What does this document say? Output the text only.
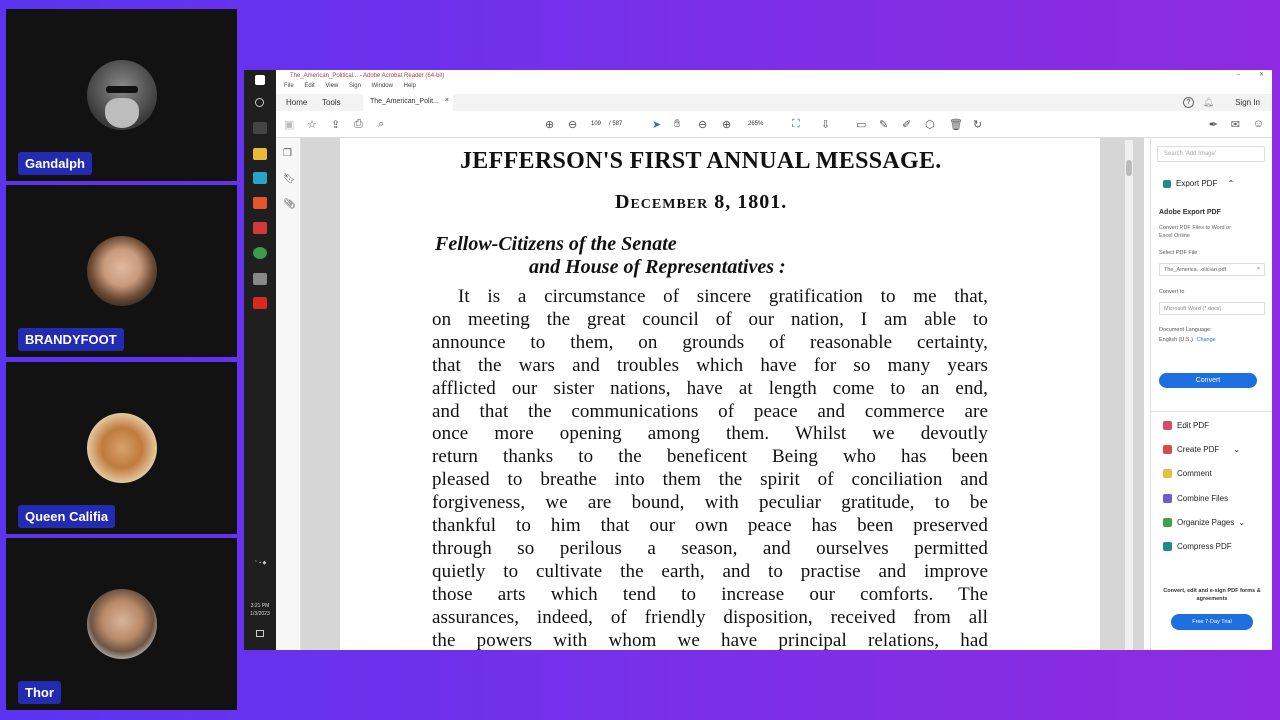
Gandalph
BRANDYFOOT
Queen Califia
Thor
⌃ ▪ ◆
3:21 PM
1/3/2023
The_American_Political... - Adobe Acrobat Reader (64-bit)	–	✕
File Edit View Sign Window Help
Home Tools	The_American_Polit... ×	?	🔔︎	Sign In
▣ ☆ ⇪ ⎙ ⌕	⊕ ⊖ 109 / 587	➤ ✋︎ ⊖ ⊕	265%	⛶ ⇩ ▭ ✎ ✐ ⬡ 🗑︎ ↻	✒ ✉ ☺
❐
🔖︎
📎︎
JEFFERSON'S FIRST ANNUAL MESSAGE.
December 8, 1801.
Fellow-Citizens of the Senate
and House of Representatives :
It is a circumstance of sincere gratification to me that,
on meeting the great council of our nation, I am able to
announce to them, on grounds of reasonable certainty,
that the wars and troubles which have for so many years
afflicted our sister nations, have at length come to an end,
and that the communications of peace and commerce are
once more opening among them. Whilst we devoutly
return thanks to the beneficent Being who has been
pleased to breathe into them the spirit of conciliation and
forgiveness, we are bound, with peculiar gratitude, to be
thankful to him that our own peace has been preserved
through so perilous a season, and ourselves permitted
quietly to cultivate the earth, and to practise and improve
those arts which tend to increase our comforts. The
assurances, indeed, of friendly disposition, received from all
the powers with whom we have principal relations, had
Search 'Add Image'
Export PDF ⌃
Adobe Export PDF
Convert PDF Files to Word or Excel Online
Select PDF File
The_America...olician.pdf	×
Convert to
Microsoft Word (*.docx)
Document Language:
English (U.S.) Change
Convert
Edit PDF
Create PDF ⌄
Comment
Combine Files
Organize Pages ⌄
Compress PDF
Convert, edit and e-sign PDF forms & agreements
Free 7-Day Trial
